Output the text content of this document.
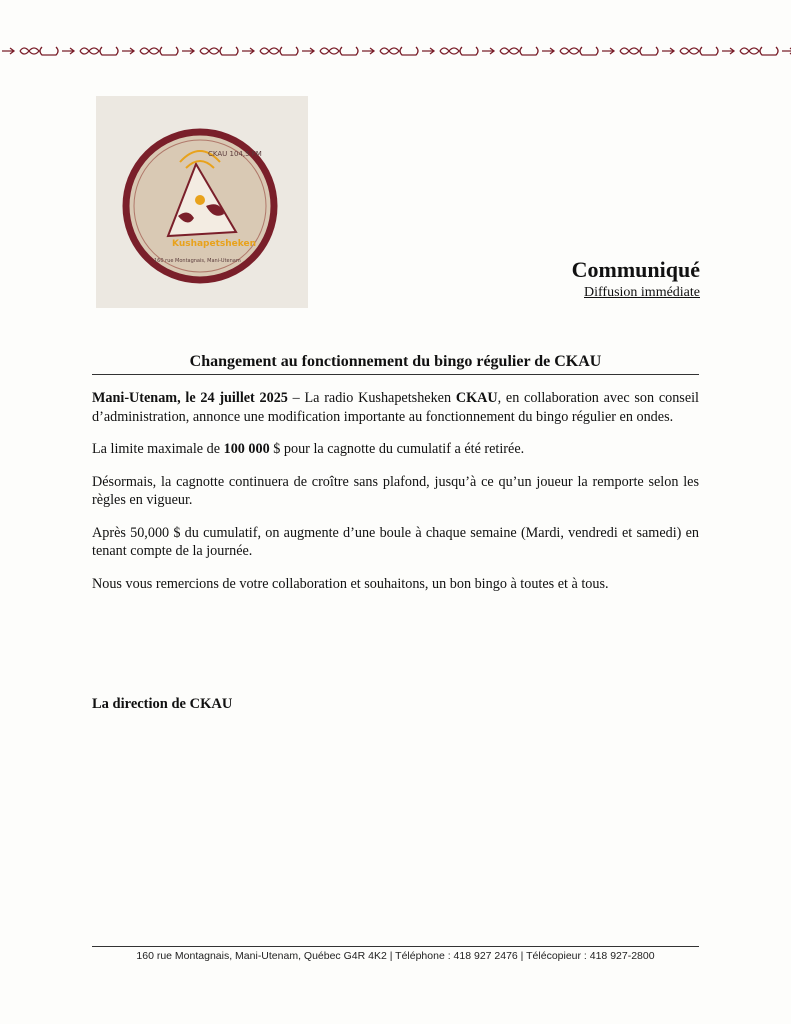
CKAU 104,5 FM
Kushapetsheken
160 rue Montagnais, Mani-Utenam	Communiqué
Diffusion immédiate
Changement au fonctionnement du bingo régulier de CKAU

Mani-Utenam, le 24 juillet 2025 – La radio Kushapetsheken CKAU, en collaboration avec son conseil d’administration, annonce une modification importante au fonctionnement du bingo régulier en ondes.

La limite maximale de 100 000 $ pour la cagnotte du cumulatif a été retirée.

Désormais, la cagnotte continuera de croître sans plafond, jusqu’à ce qu’un joueur la remporte selon les règles en vigueur.

Après 50,000 $ du cumulatif, on augmente d’une boule à chaque semaine (Mardi, vendredi et samedi) en tenant compte de la journée.

Nous vous remercions de votre collaboration et souhaitons, un bon bingo à toutes et à tous.

La direction de CKAU
160 rue Montagnais, Mani-Utenam, Québec G4R 4K2 | Téléphone : 418 927 2476 | Télécopieur : 418 927-2800
